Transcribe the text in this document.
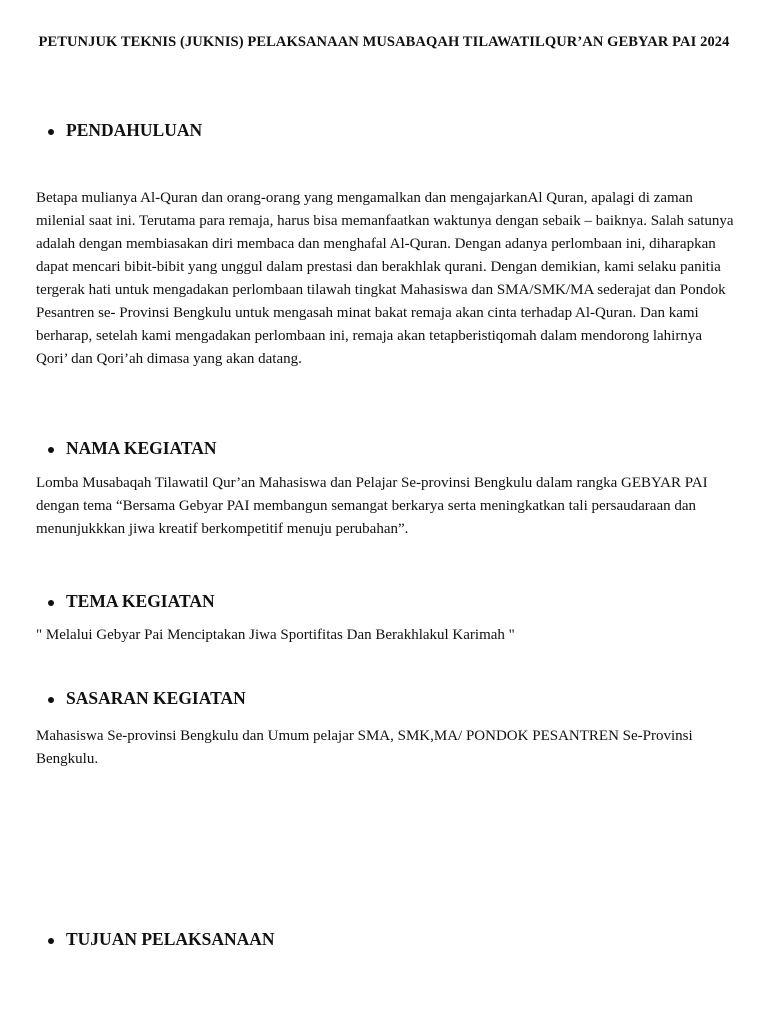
PETUNJUK TEKNIS (JUKNIS) PELAKSANAAN MUSABAQAH TILAWATILQUR’AN GEBYAR PAI 2024
PENDAHULUAN

Betapa mulianya Al-Quran dan orang-orang yang mengamalkan dan mengajarkanAl Quran, apalagi di zaman milenial saat ini. Terutama para remaja, harus bisa memanfaatkan waktunya dengan sebaik – baiknya. Salah satunya adalah dengan membiasakan diri membaca dan menghafal Al-Quran. Dengan adanya perlombaan ini, diharapkan dapat mencari bibit-bibit yang unggul dalam prestasi dan berakhlak qurani. Dengan demikian, kami selaku panitia tergerak hati untuk mengadakan perlombaan tilawah tingkat Mahasiswa dan SMA/SMK/MA sederajat dan Pondok Pesantren se- Provinsi Bengkulu untuk mengasah minat bakat remaja akan cinta terhadap Al-Quran. Dan kami berharap, setelah kami mengadakan perlombaan ini, remaja akan tetapberistiqomah dalam mendorong lahirnya Qori’ dan Qori’ah dimasa yang akan datang.

NAMA KEGIATAN

Lomba Musabaqah Tilawatil Qur’an Mahasiswa dan Pelajar Se-provinsi Bengkulu dalam rangka GEBYAR PAI dengan tema “Bersama Gebyar PAI membangun semangat berkarya serta meningkatkan tali persaudaraan dan menunjukkkan jiwa kreatif berkompetitif menuju perubahan”.

TEMA KEGIATAN

" Melalui Gebyar Pai Menciptakan Jiwa Sportifitas Dan Berakhlakul Karimah "

SASARAN KEGIATAN

Mahasiswa Se-provinsi Bengkulu dan Umum pelajar SMA, SMK,MA/ PONDOK PESANTREN Se-Provinsi Bengkulu.

TUJUAN PELAKSANAAN
